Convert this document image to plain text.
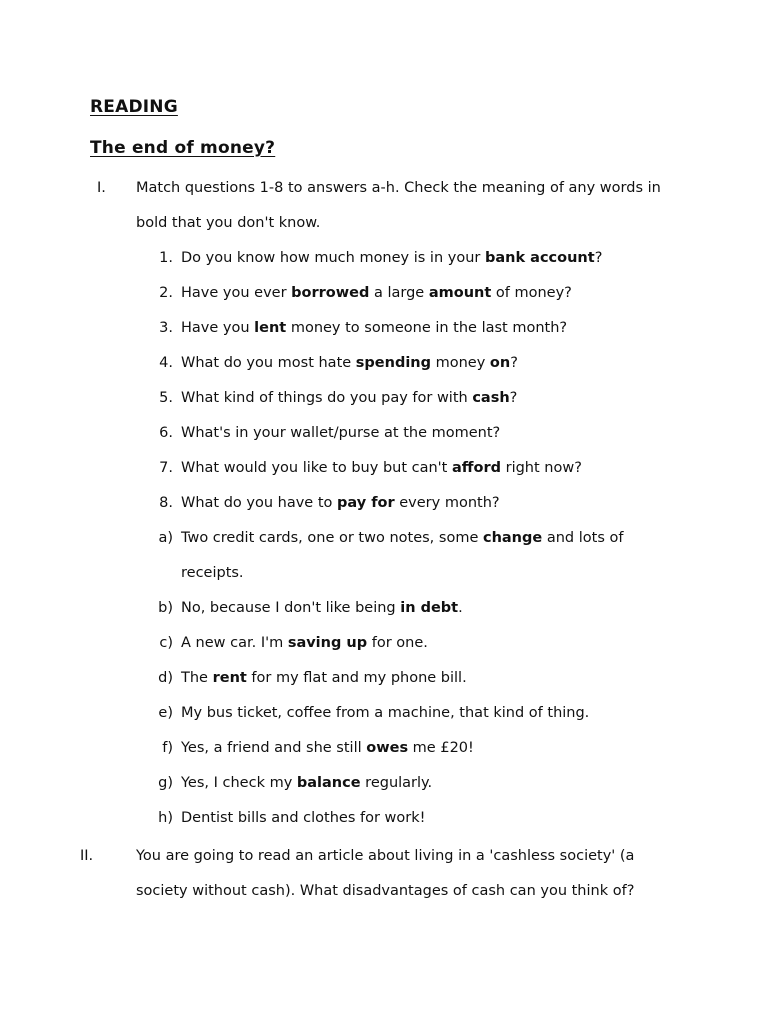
READING
The end of money?
I. Match questions 1-8 to answers a-h. Check the meaning of any words in
bold that you don't know.
1. Do you know how much money is in your bank account?
2. Have you ever borrowed a large amount of money?
3. Have you lent money to someone in the last month?
4. What do you most hate spending money on?
5. What kind of things do you pay for with cash?
6. What's in your wallet/purse at the moment?
7. What would you like to buy but can't afford right now?
8. What do you have to pay for every month?
a) Two credit cards, one or two notes, some change and lots of
receipts.
b) No, because I don't like being in debt.
c) A new car. I'm saving up for one.
d) The rent for my flat and my phone bill.
e) My bus ticket, coffee from a machine, that kind of thing.
f) Yes, a friend and she still owes me £20!
g) Yes, I check my balance regularly.
h) Dentist bills and clothes for work!
II.	You are going to read an article about living in a 'cashless society' (a
society without cash). What disadvantages of cash can you think of?
